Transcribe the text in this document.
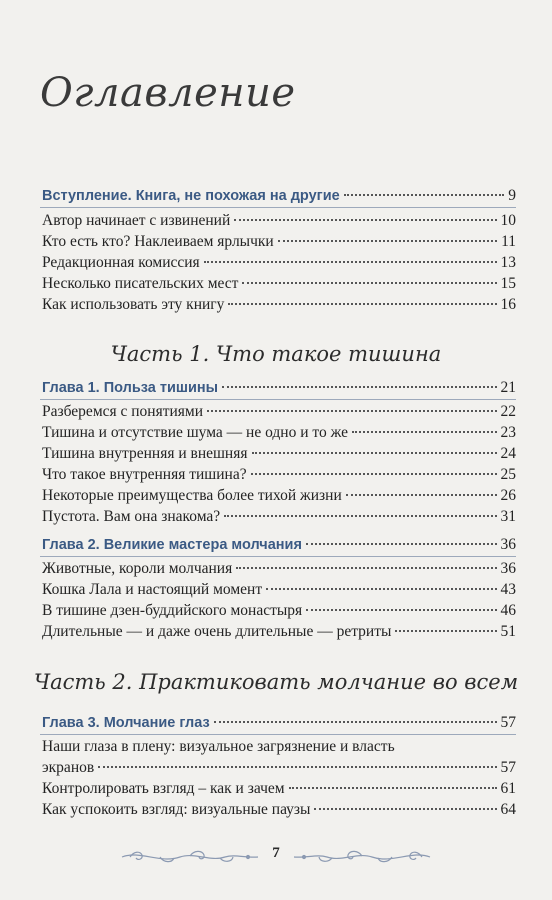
Оглавление
Вступление. Книга, не похожая на другие	9
Автор начинает с извинений	10
Кто есть кто? Наклеиваем ярлычки	11
Редакционная комиссия	13
Несколько писательских мест	15
Как использовать эту книгу	16
Часть 1. Что такое тишина
Глава 1. Польза тишины	21
Разберемся с понятиями	22
Тишина и отсутствие шума — не одно и то же	23
Тишина внутренняя и внешняя	24
Что такое внутренняя тишина?	25
Некоторые преимущества более тихой жизни	26
Пустота. Вам она знакома?	31
Глава 2. Великие мастера молчания	36
Животные, короли молчания	36
Кошка Лала и настоящий момент	43
В тишине дзен-буддийского монастыря	46
Длительные — и даже очень длительные — ретриты	51
Часть 2. Практиковать молчание во всем
Глава 3. Молчание глаз	57
Наши глаза в плену: визуальное загрязнение и власть
экранов	57
Контролировать взгляд – как и зачем	61
Как успокоить взгляд: визуальные паузы	64
7
